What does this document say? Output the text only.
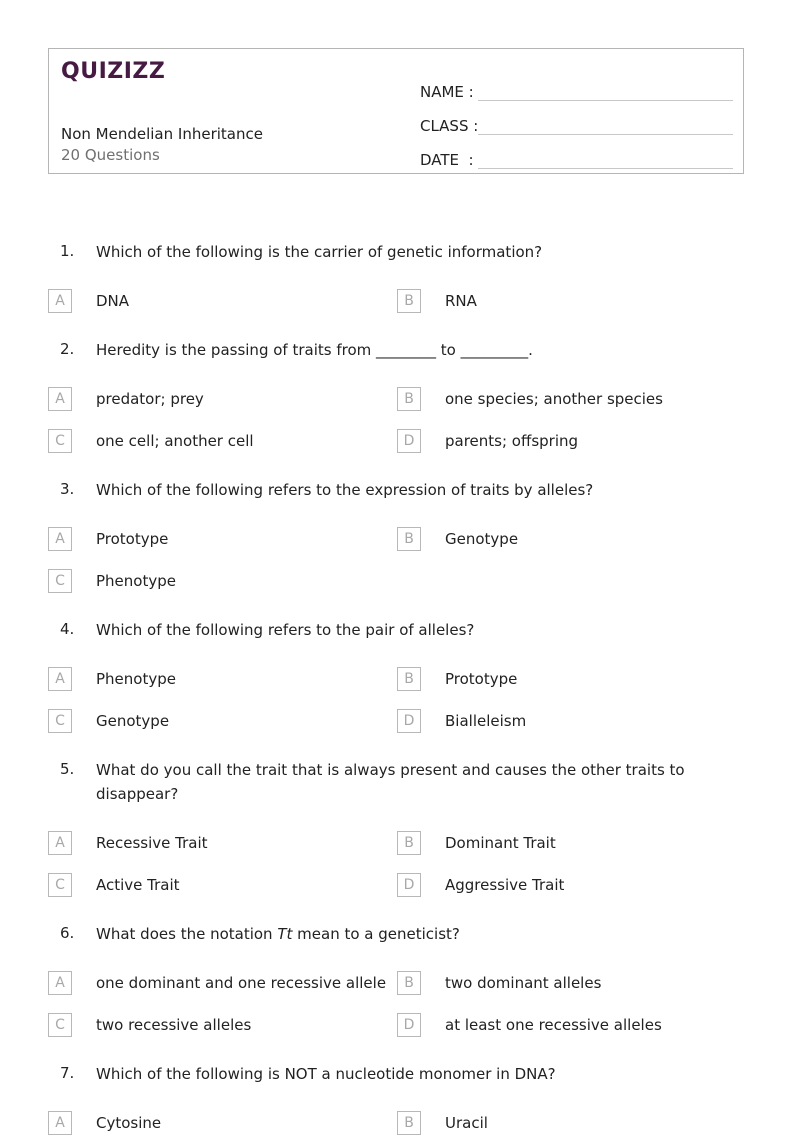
QUIZIZZ
Non Mendelian Inheritance
20 Questions
NAME :
CLASS :
DATE  :
1. Which of the following is the carrier of genetic information?
A	DNA	B	RNA
2. Heredity is the passing of traits from ________ to _________.
A	predator; prey	B	one species; another species
C	one cell; another cell	D	parents; offspring
3. Which of the following refers to the expression of traits by alleles?
A	Prototype	B	Genotype
C	Phenotype
4. Which of the following refers to the pair of alleles?
A	Phenotype	B	Prototype
C	Genotype	D	Bialleleism
5. What do you call the trait that is always present and causes the other traits to disappear?
A	Recessive Trait	B	Dominant Trait
C	Active Trait	D	Aggressive Trait
6. What does the notation Tt mean to a geneticist?
A	one dominant and one recessive allele	B	two dominant alleles
C	two recessive alleles	D	at least one recessive alleles
7. Which of the following is NOT a nucleotide monomer in DNA?
A	Cytosine	B	Uracil
